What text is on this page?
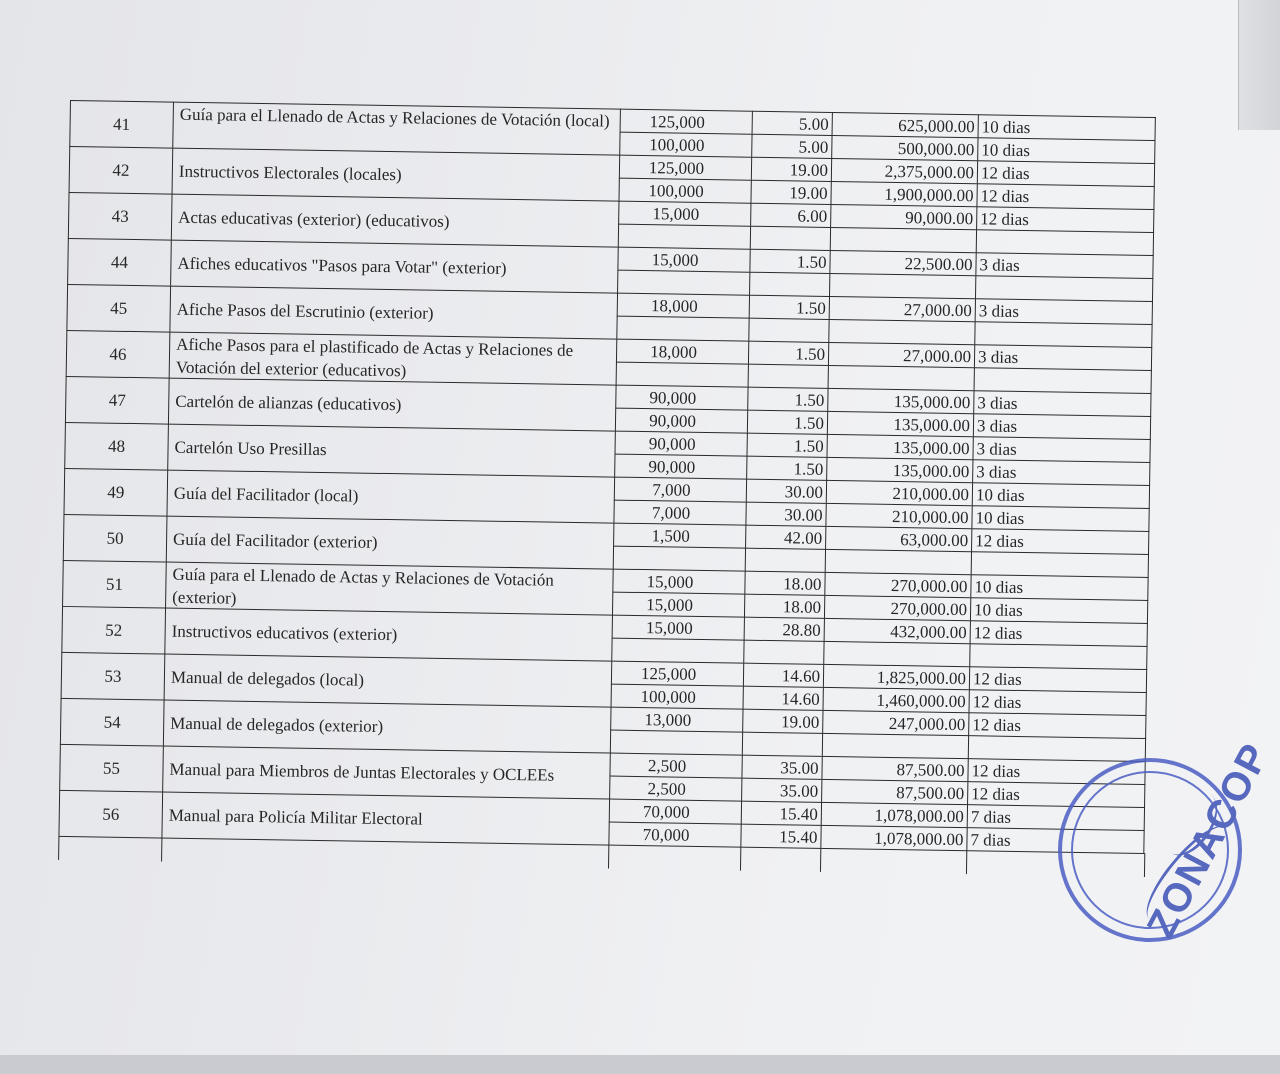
41	Guía para el Llenado de Actas y Relaciones de Votación (local)	125,000	5.00	625,000.00 10 dias
100,000	5.00	500,000.00 10 dias
42	Instructivos Electorales (locales)	125,000	19.00	2,375,000.00 12 dias
100,000	19.00	1,900,000.00 12 dias
43	Actas educativas (exterior) (educativos)	15,000	6.00	90,000.00 12 dias
44	Afiches educativos "Pasos para Votar" (exterior)	15,000	1.50	22,500.00 3 dias
45	Afiche Pasos del Escrutinio (exterior)	18,000	1.50	27,000.00 3 dias
46	Afiche Pasos para el plastificado de Actas y Relaciones de Votación del exterior (educativos)
18,000	1.50	27,000.00 3 dias
47	Cartelón de alianzas (educativos)	90,000	1.50	135,000.00 3 dias
90,000	1.50	135,000.00 3 dias
48	Cartelón Uso Presillas	90,000	1.50	135,000.00 3 dias
90,000	1.50	135,000.00 3 dias
49	Guía del Facilitador (local)	7,000	30.00	210,000.00 10 dias
7,000	30.00	210,000.00 10 dias
50	Guía del Facilitador (exterior)	1,500	42.00	63,000.00 12 dias
51	Guía para el Llenado de Actas y Relaciones de Votación (exterior)
15,000	18.00	270,000.00 10 dias
15,000	18.00	270,000.00 10 dias
52	Instructivos educativos (exterior)	15,000	28.80	432,000.00 12 dias
53	Manual de delegados (local)	125,000	14.60	1,825,000.00 12 dias
100,000	14.60	1,460,000.00 12 dias
54	Manual de delegados (exterior)	13,000	19.00	247,000.00 12 dias
55	Manual para Miembros de Juntas Electorales y OCLEEs	2,500	35.00	87,500.00 12 dias
2,500	35.00	87,500.00 12 dias
56	Manual para Policía Militar Electoral	70,000	15.40	1,078,000.00 7 dias
70,000	15.40	1,078,000.00 7 dias	ZONACOP
